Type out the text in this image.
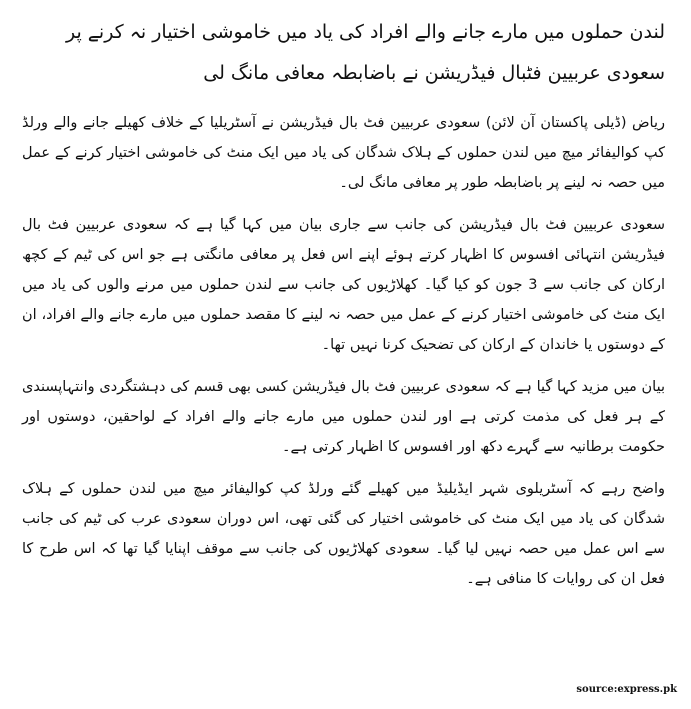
لندن حملوں میں مارے جانے والے افراد کی یاد میں خاموشی اختیار نہ کرنے پر سعودی عربیین فٹبال فیڈریشن نے باضابطہ معافی مانگ لی

ریاض (ڈیلی پاکستان آن لائن) سعودی عربیین فٹ بال فیڈریشن نے آسٹریلیا کے خلاف کھیلے جانے والے ورلڈ کپ کوالیفائر میچ میں لندن حملوں کے ہلاک شدگان کی یاد میں ایک منٹ کی خاموشی اختیار کرنے کے عمل میں حصہ نہ لینے پر باضابطہ طور پر معافی مانگ لی۔

سعودی عربیین فٹ بال فیڈریشن کی جانب سے جاری بیان میں کہا گیا ہے کہ سعودی عربیین فٹ بال فیڈریشن انتہائی افسوس کا اظہار کرتے ہوئے اپنے اس فعل پر معافی مانگتی ہے جو اس کی ٹیم کے کچھ ارکان کی جانب سے 3 جون کو کیا گیا۔ کھلاڑیوں کی جانب سے لندن حملوں میں مرنے والوں کی یاد میں ایک منٹ کی خاموشی اختیار کرنے کے عمل میں حصہ نہ لینے کا مقصد حملوں میں مارے جانے والے افراد، ان کے دوستوں یا خاندان کے ارکان کی تضحیک کرنا نہیں تھا۔

بیان میں مزید کہا گیا ہے کہ سعودی عربیین فٹ بال فیڈریشن کسی بھی قسم کی دہشتگردی وانتہاپسندی کے ہر فعل کی مذمت کرتی ہے اور لندن حملوں میں مارے جانے والے افراد کے لواحقین، دوستوں اور حکومت برطانیہ سے گہرے دکھ اور افسوس کا اظہار کرتی ہے۔

واضح رہے کہ آسٹریلوی شہر ایڈیلیڈ میں کھیلے گئے ورلڈ کپ کوالیفائر میچ میں لندن حملوں کے ہلاک شدگان کی یاد میں ایک منٹ کی خاموشی اختیار کی گئی تھی، اس دوران سعودی عرب کی ٹیم کی جانب سے اس عمل میں حصہ نہیں لیا گیا۔ سعودی کھلاڑیوں کی جانب سے موقف اپنایا گیا تھا کہ اس طرح کا فعل ان کی روایات کا منافی ہے۔

source:express.pk
